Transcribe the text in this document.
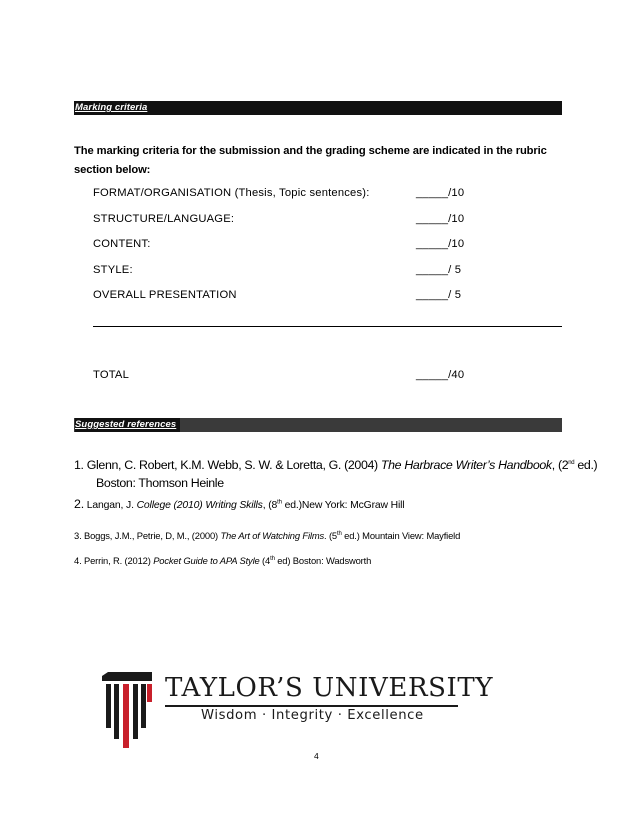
Marking criteria
The marking criteria for the submission and the grading scheme are indicated in the rubric section below:
FORMAT/ORGANISATION (Thesis, Topic sentences):	_____/10
STRUCTURE/LANGUAGE:	_____/10
CONTENT:	_____/10
STYLE:	_____/ 5
OVERALL PRESENTATION	_____/ 5
TOTAL	_____/40
Suggested references
1. Glenn, C. Robert, K.M. Webb, S. W. & Loretta, G. (2004) The Harbrace Writer’s Handbook, (2nd ed.)
Boston: Thomson Heinle
2. Langan, J. College (2010) Writing Skills, (8th ed.)New York: McGraw Hill
3. Boggs, J.M., Petrie, D, M., (2000) The Art of Watching Films. (5th ed.) Mountain View: Mayfield
4. Perrin, R. (2012) Pocket Guide to APA Style (4th ed) Boston: Wadsworth
TAYLOR’S UNIVERSITY
Wisdom · Integrity · Excellence
4
